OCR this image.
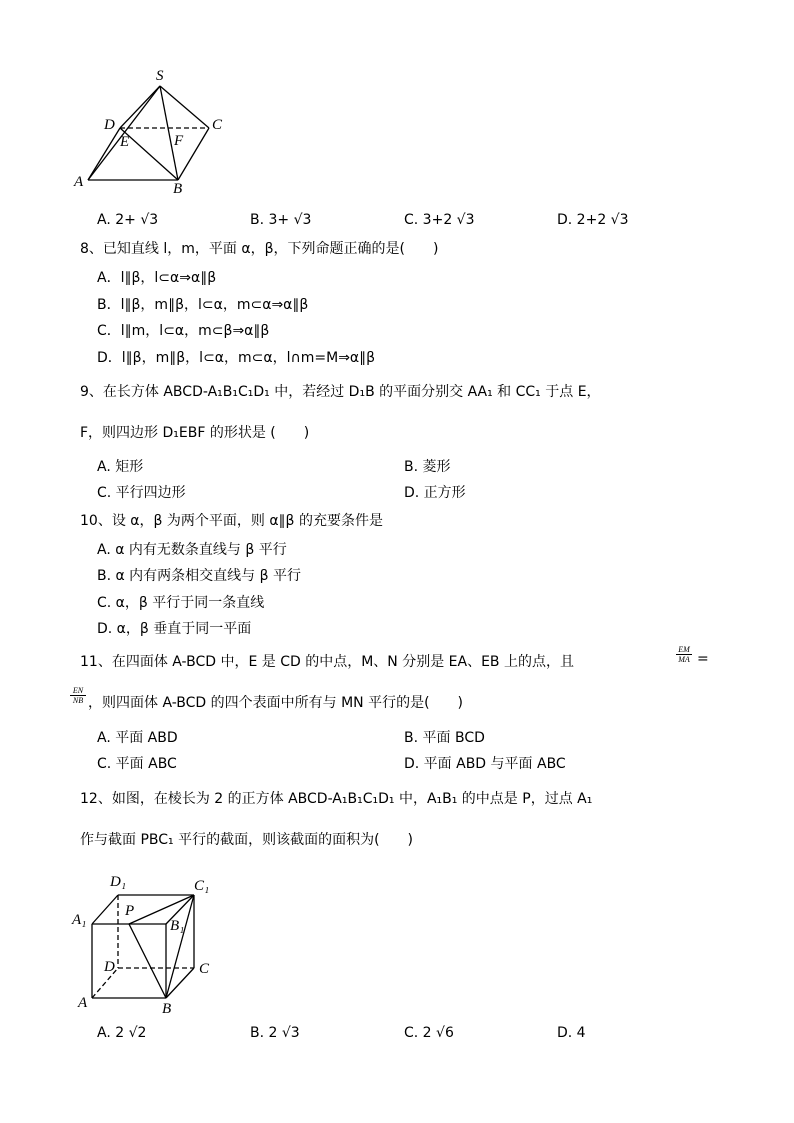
S
D	C
E	F
A	B
A. 2+ √3	B. 3+ √3	C. 3+2 √3	D. 2+2 √3
8、已知直线 l，m，平面 α，β，下列命题正确的是(　　)
A．l∥β，l⊂α⇒α∥β
B．l∥β，m∥β，l⊂α，m⊂α⇒α∥β
C．l∥m，l⊂α，m⊂β⇒α∥β
D．l∥β，m∥β，l⊂α，m⊂α，l∩m=M⇒α∥β
9、在长方体 ABCD-A₁B₁C₁D₁ 中，若经过 D₁B 的平面分别交 AA₁ 和 CC₁ 于点 E，
F，则四边形 D₁EBF 的形状是 (　　)
A. 矩形	B. 菱形
C. 平行四边形	D. 正方形
10、设 α，β 为两个平面，则 α∥β 的充要条件是
A. α 内有无数条直线与 β 平行
B. α 内有两条相交直线与 β 平行
C. α，β 平行于同一条直线
D. α，β 垂直于同一平面
11、在四面体 A-BCD 中，E 是 CD 的中点，M、N 分别是 EA、EB 上的点，且
EM
MA =
EN
NB ，则四面体 A-BCD 的四个表面中所有与 MN 平行的是(　　)
A. 平面 ABD	B. 平面 BCD
C. 平面 ABC	D. 平面 ABD 与平面 ABC
12、如图，在棱长为 2 的正方体 ABCD-A₁B₁C₁D₁ 中，A₁B₁ 的中点是 P，过点 A₁
作与截面 PBC₁ 平行的截面，则该截面的面积为(　　)
D₁	C₁
A₁
P
B₁
D	C
A	B
A. 2 √2	B. 2 √3	C. 2 √6	D. 4
